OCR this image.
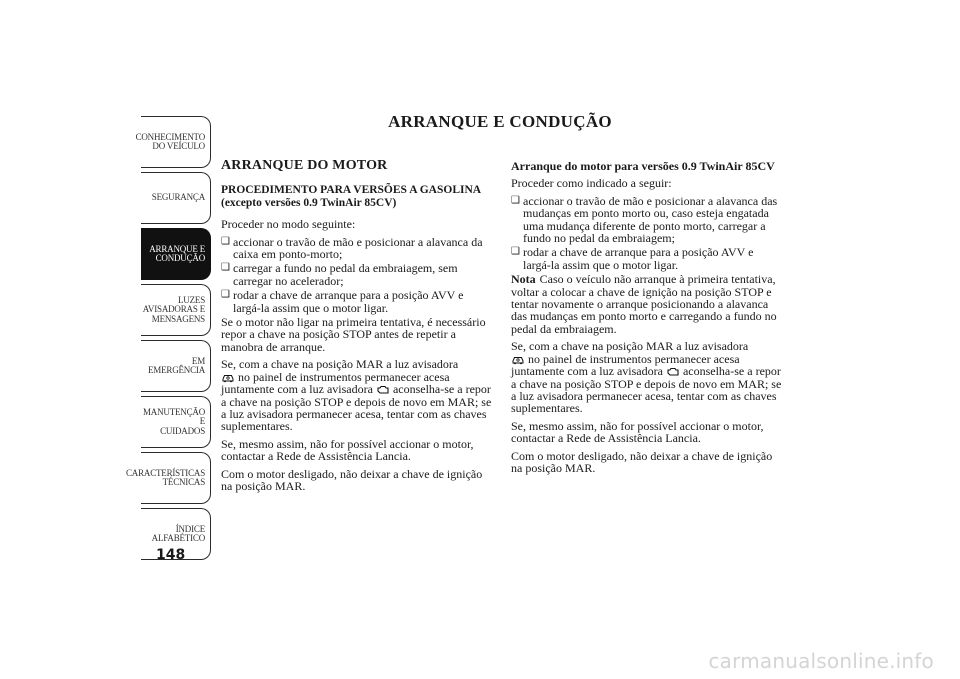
CONHECIMENTO
DO VEÍCULO
SEGURANÇA
ARRANQUE E
CONDUÇÃO
LUZES
AVISADORAS E
MENSAGENS
EM EMERGÊNCIA
MANUTENÇÃO E
CUIDADOS
CARACTERÍSTICAS
TÉCNICAS
ÍNDICE
ALFABÉTICO
148
ARRANQUE E CONDUÇÃO
ARRANQUE DO MOTOR
PROCEDIMENTO PARA VERSÕES A GASOLINA
(excepto versões 0.9 TwinAir 85CV)

Proceder no modo seguinte:

❑ accionar o travão de mão e posicionar a alavanca da caixa em ponto-morto;
❑ carregar a fundo no pedal da embraiagem, sem carregar no acelerador;
❑ rodar a chave de arranque para a posição AVV e largá-la assim que o motor ligar.

Se o motor não ligar na primeira tentativa, é necessário repor a chave na posição STOP antes de repetir a manobra de arranque.

Se, com a chave na posição MAR a luz avisadora
no painel de instrumentos permanecer acesa juntamente com a luz avisadora aconselha-se a repor a chave na posição STOP e depois de novo em MAR; se a luz avisadora permanecer acesa, tentar com as chaves suplementares.

Se, mesmo assim, não for possível accionar o motor, contactar a Rede de Assistência Lancia.

Com o motor desligado, não deixar a chave de ignição na posição MAR.

Arranque do motor para versões 0.9 TwinAir 85CV

Proceder como indicado a seguir:

❑ accionar o travão de mão e posicionar a alavanca das mudanças em ponto morto ou, caso esteja engatada uma mudança diferente de ponto morto, carregar a fundo no pedal da embraiagem;
❑ rodar a chave de arranque para a posição AVV e largá-la assim que o motor ligar.

Nota Caso o veículo não arranque à primeira tentativa, voltar a colocar a chave de ignição na posição STOP e tentar novamente o arranque posicionando a alavanca das mudanças em ponto morto e carregando a fundo no pedal da embraiagem.

Se, com a chave na posição MAR a luz avisadora
no painel de instrumentos permanecer acesa juntamente com a luz avisadora aconselha-se a repor a chave na posição STOP e depois de novo em MAR; se a luz avisadora permanecer acesa, tentar com as chaves suplementares.

Se, mesmo assim, não for possível accionar o motor, contactar a Rede de Assistência Lancia.

Com o motor desligado, não deixar a chave de ignição na posição MAR.

carmanualsonline.info
